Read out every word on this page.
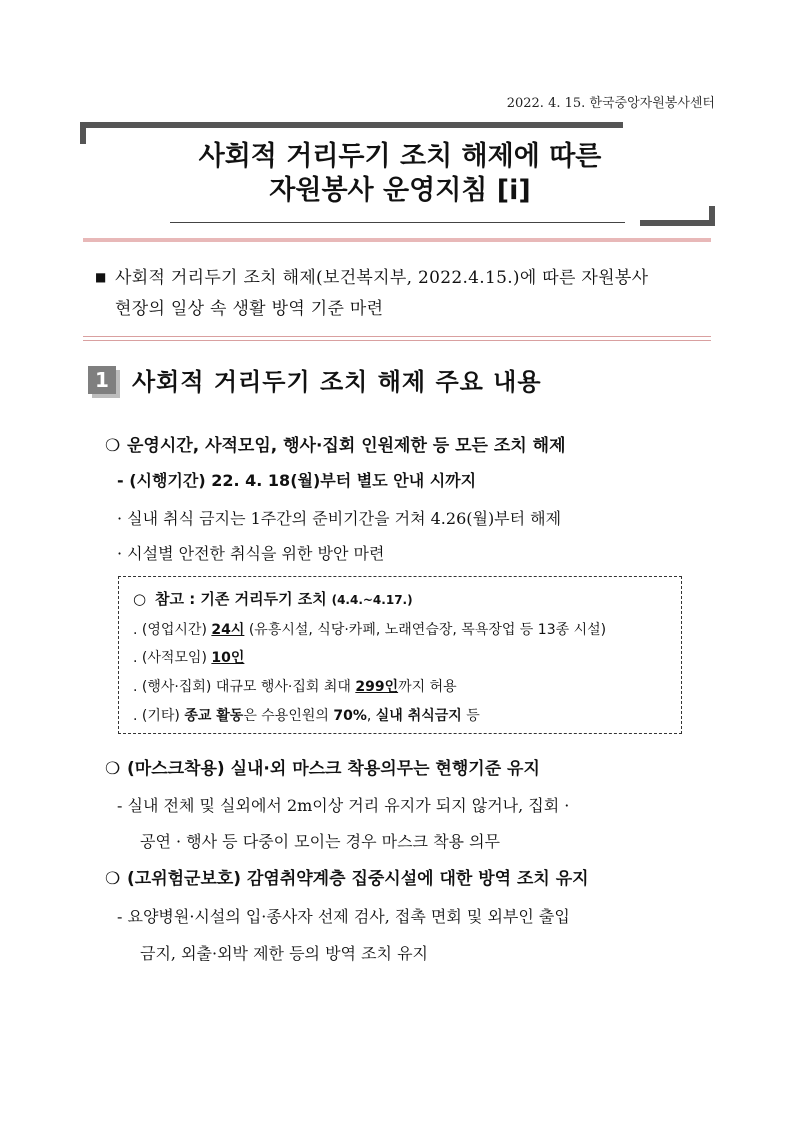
2022. 4. 15. 한국중앙자원봉사센터
사회적 거리두기 조치 해제에 따른
자원봉사 운영지침 [ⅰ]
■ 사회적 거리두기 조치 해제(보건복지부, 2022.4.15.)에 따른 자원봉사
현장의 일상 속 생활 방역 기준 마련
1 사회적 거리두기 조치 해제 주요 내용
❍ 운영시간, 사적모임, 행사·집회 인원제한 등 모든 조치 해제
- (시행기간) 22. 4. 18(월)부터 별도 안내 시까지
· 실내 취식 금지는 1주간의 준비기간을 거쳐 4.26(월)부터 해제
· 시설별 안전한 취식을 위한 방안 마련
○ 참고 : 기존 거리두기 조치 (4.4.~4.17.)
. (영업시간) 24시 (유흥시설, 식당·카페, 노래연습장, 목욕장업 등 13종 시설)
. (사적모임) 10인
. (행사·집회) 대규모 행사·집회 최대 299인까지 허용
. (기타) 종교 활동은 수용인원의 70%, 실내 취식금지 등
❍ (마스크착용) 실내·외 마스크 착용의무는 현행기준 유지
- 실내 전체 및 실외에서 2m이상 거리 유지가 되지 않거나, 집회 ·
공연 · 행사 등 다중이 모이는 경우 마스크 착용 의무
❍ (고위험군보호) 감염취약계층 집중시설에 대한 방역 조치 유지
- 요양병원·시설의 입·종사자 선제 검사, 접촉 면회 및 외부인 출입
금지, 외출·외박 제한 등의 방역 조치 유지
